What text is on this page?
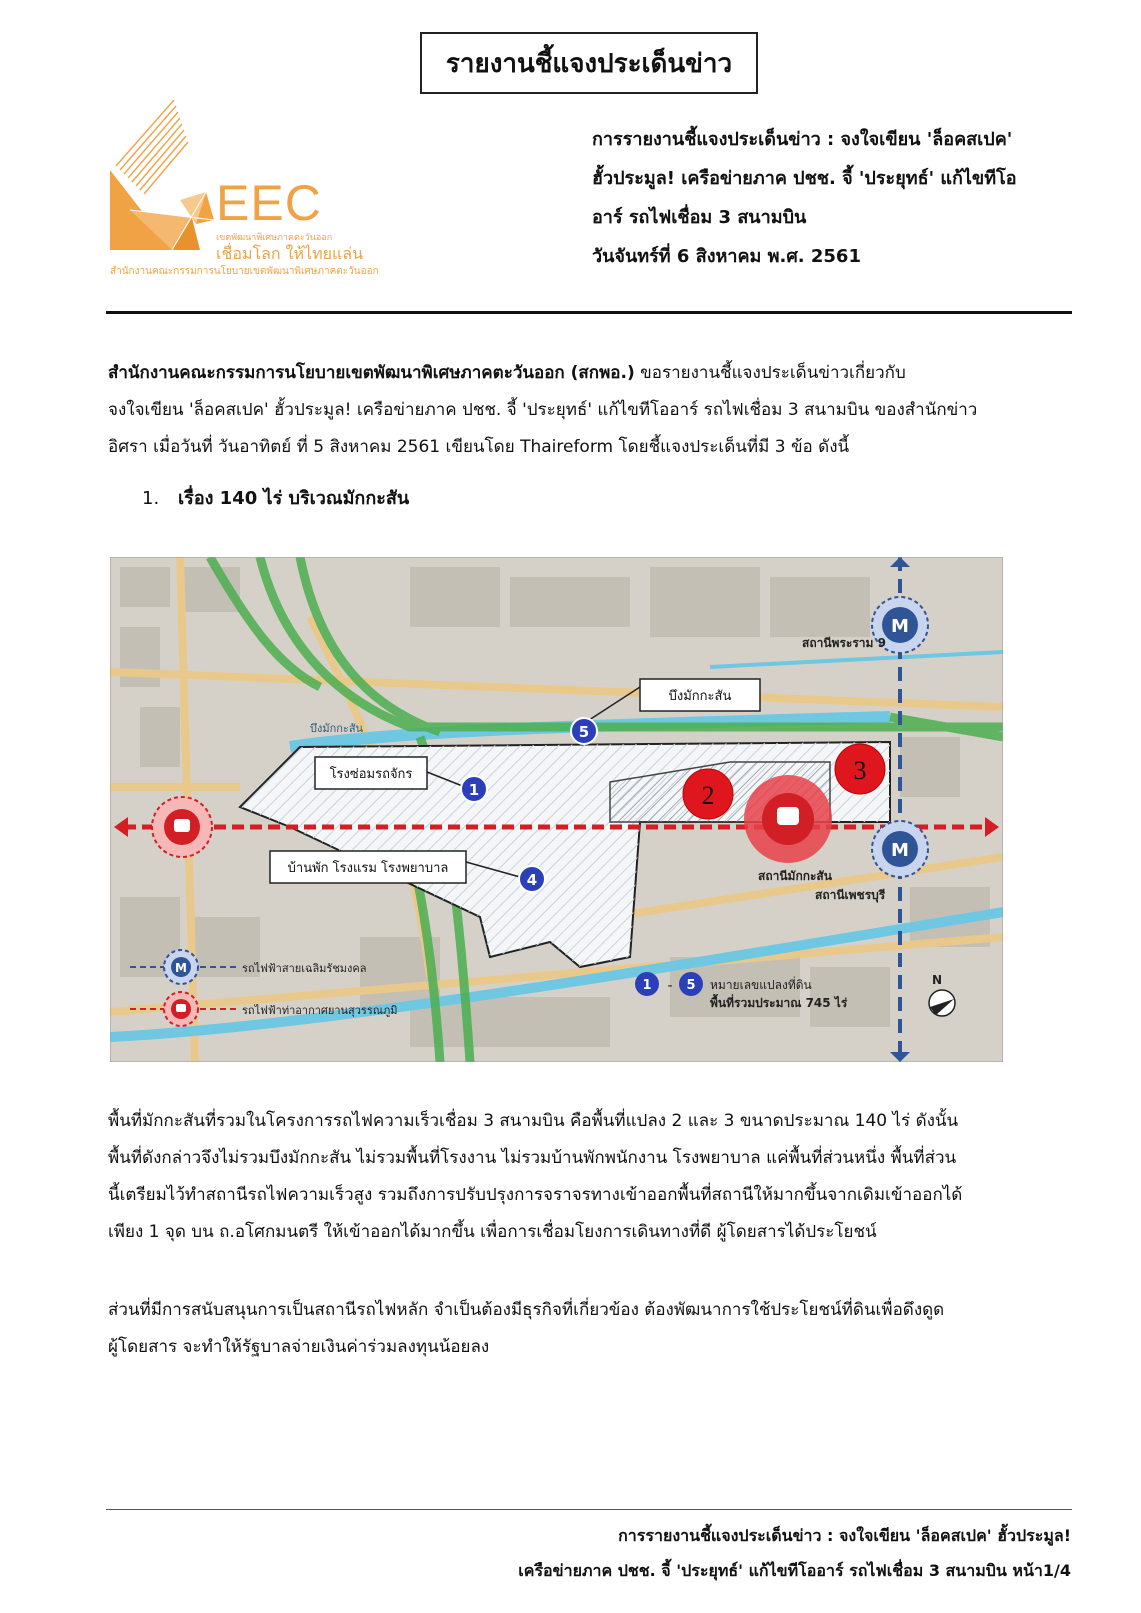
รายงานชี้แจงประเด็นข่าว
EEC
เขตพัฒนาพิเศษภาคตะวันออก
เชื่อมโลก ให้ไทยแล่น
สำนักงานคณะกรรมการนโยบายเขตพัฒนาพิเศษภาคตะวันออก
การรายงานชี้แจงประเด็นข่าว : จงใจเขียน 'ล็อคสเปค'
ฮั้วประมูล! เครือข่ายภาค ปชช. จี้ 'ประยุทธ์' แก้ไขทีโอ
อาร์ รถไฟเชื่อม 3 สนามบิน
วันจันทร์ที่ 6 สิงหาคม พ.ศ. 2561
สำนักงานคณะกรรมการนโยบายเขตพัฒนาพิเศษภาคตะวันออก (สกพอ.) ขอรายงานชี้แจงประเด็นข่าวเกี่ยวกับ
จงใจเขียน 'ล็อคสเปค' ฮั้วประมูล! เครือข่ายภาค ปชช. จี้ 'ประยุทธ์' แก้ไขทีโออาร์ รถไฟเชื่อม 3 สนามบิน ของสำนักข่าว
อิศรา เมื่อวันที่ วันอาทิตย์ ที่ 5 สิงหาคม 2561 เขียนโดย Thaireform โดยชี้แจงประเด็นที่มี 3 ข้อ ดังนี้
1. เรื่อง 140 ไร่ บริเวณมักกะสัน
M
M
สถานีพระราม 9
สถานีมักกะสัน
สถานีเพชรบุรี
บึงมักกะสัน
บึงมักกะสัน
โรงซ่อมรถจักร
บ้านพัก โรงแรม โรงพยาบาล
5
1
4
2
3
M	รถไฟฟ้าสายเฉลิมรัชมงคล
รถไฟฟ้าท่าอากาศยานสุวรรณภูมิ
1 - 5 หมายเลขแปลงที่ดิน
พื้นที่รวมประมาณ 745 ไร่
N
พื้นที่มักกะสันที่รวมในโครงการรถไฟความเร็วเชื่อม 3 สนามบิน คือพื้นที่แปลง 2 และ 3 ขนาดประมาณ 140 ไร่ ดังนั้น
พื้นที่ดังกล่าวจึงไม่รวมบึงมักกะสัน ไม่รวมพื้นที่โรงงาน ไม่รวมบ้านพักพนักงาน โรงพยาบาล แค่พื้นที่ส่วนหนึ่ง พื้นที่ส่วน
นี้เตรียมไว้ทำสถานีรถไฟความเร็วสูง รวมถึงการปรับปรุงการจราจรทางเข้าออกพื้นที่สถานีให้มากขึ้นจากเดิมเข้าออกได้
เพียง 1 จุด บน ถ.อโศกมนตรี ให้เข้าออกได้มากขึ้น เพื่อการเชื่อมโยงการเดินทางที่ดี ผู้โดยสารได้ประโยชน์
ส่วนที่มีการสนับสนุนการเป็นสถานีรถไฟหลัก จำเป็นต้องมีธุรกิจที่เกี่ยวข้อง ต้องพัฒนาการใช้ประโยชน์ที่ดินเพื่อดึงดูด
ผู้โดยสาร จะทำให้รัฐบาลจ่ายเงินค่าร่วมลงทุนน้อยลง
การรายงานชี้แจงประเด็นข่าว : จงใจเขียน 'ล็อคสเปค' ฮั้วประมูล!
เครือข่ายภาค ปชช. จี้ 'ประยุทธ์' แก้ไขทีโออาร์ รถไฟเชื่อม 3 สนามบิน หน้า1/4
